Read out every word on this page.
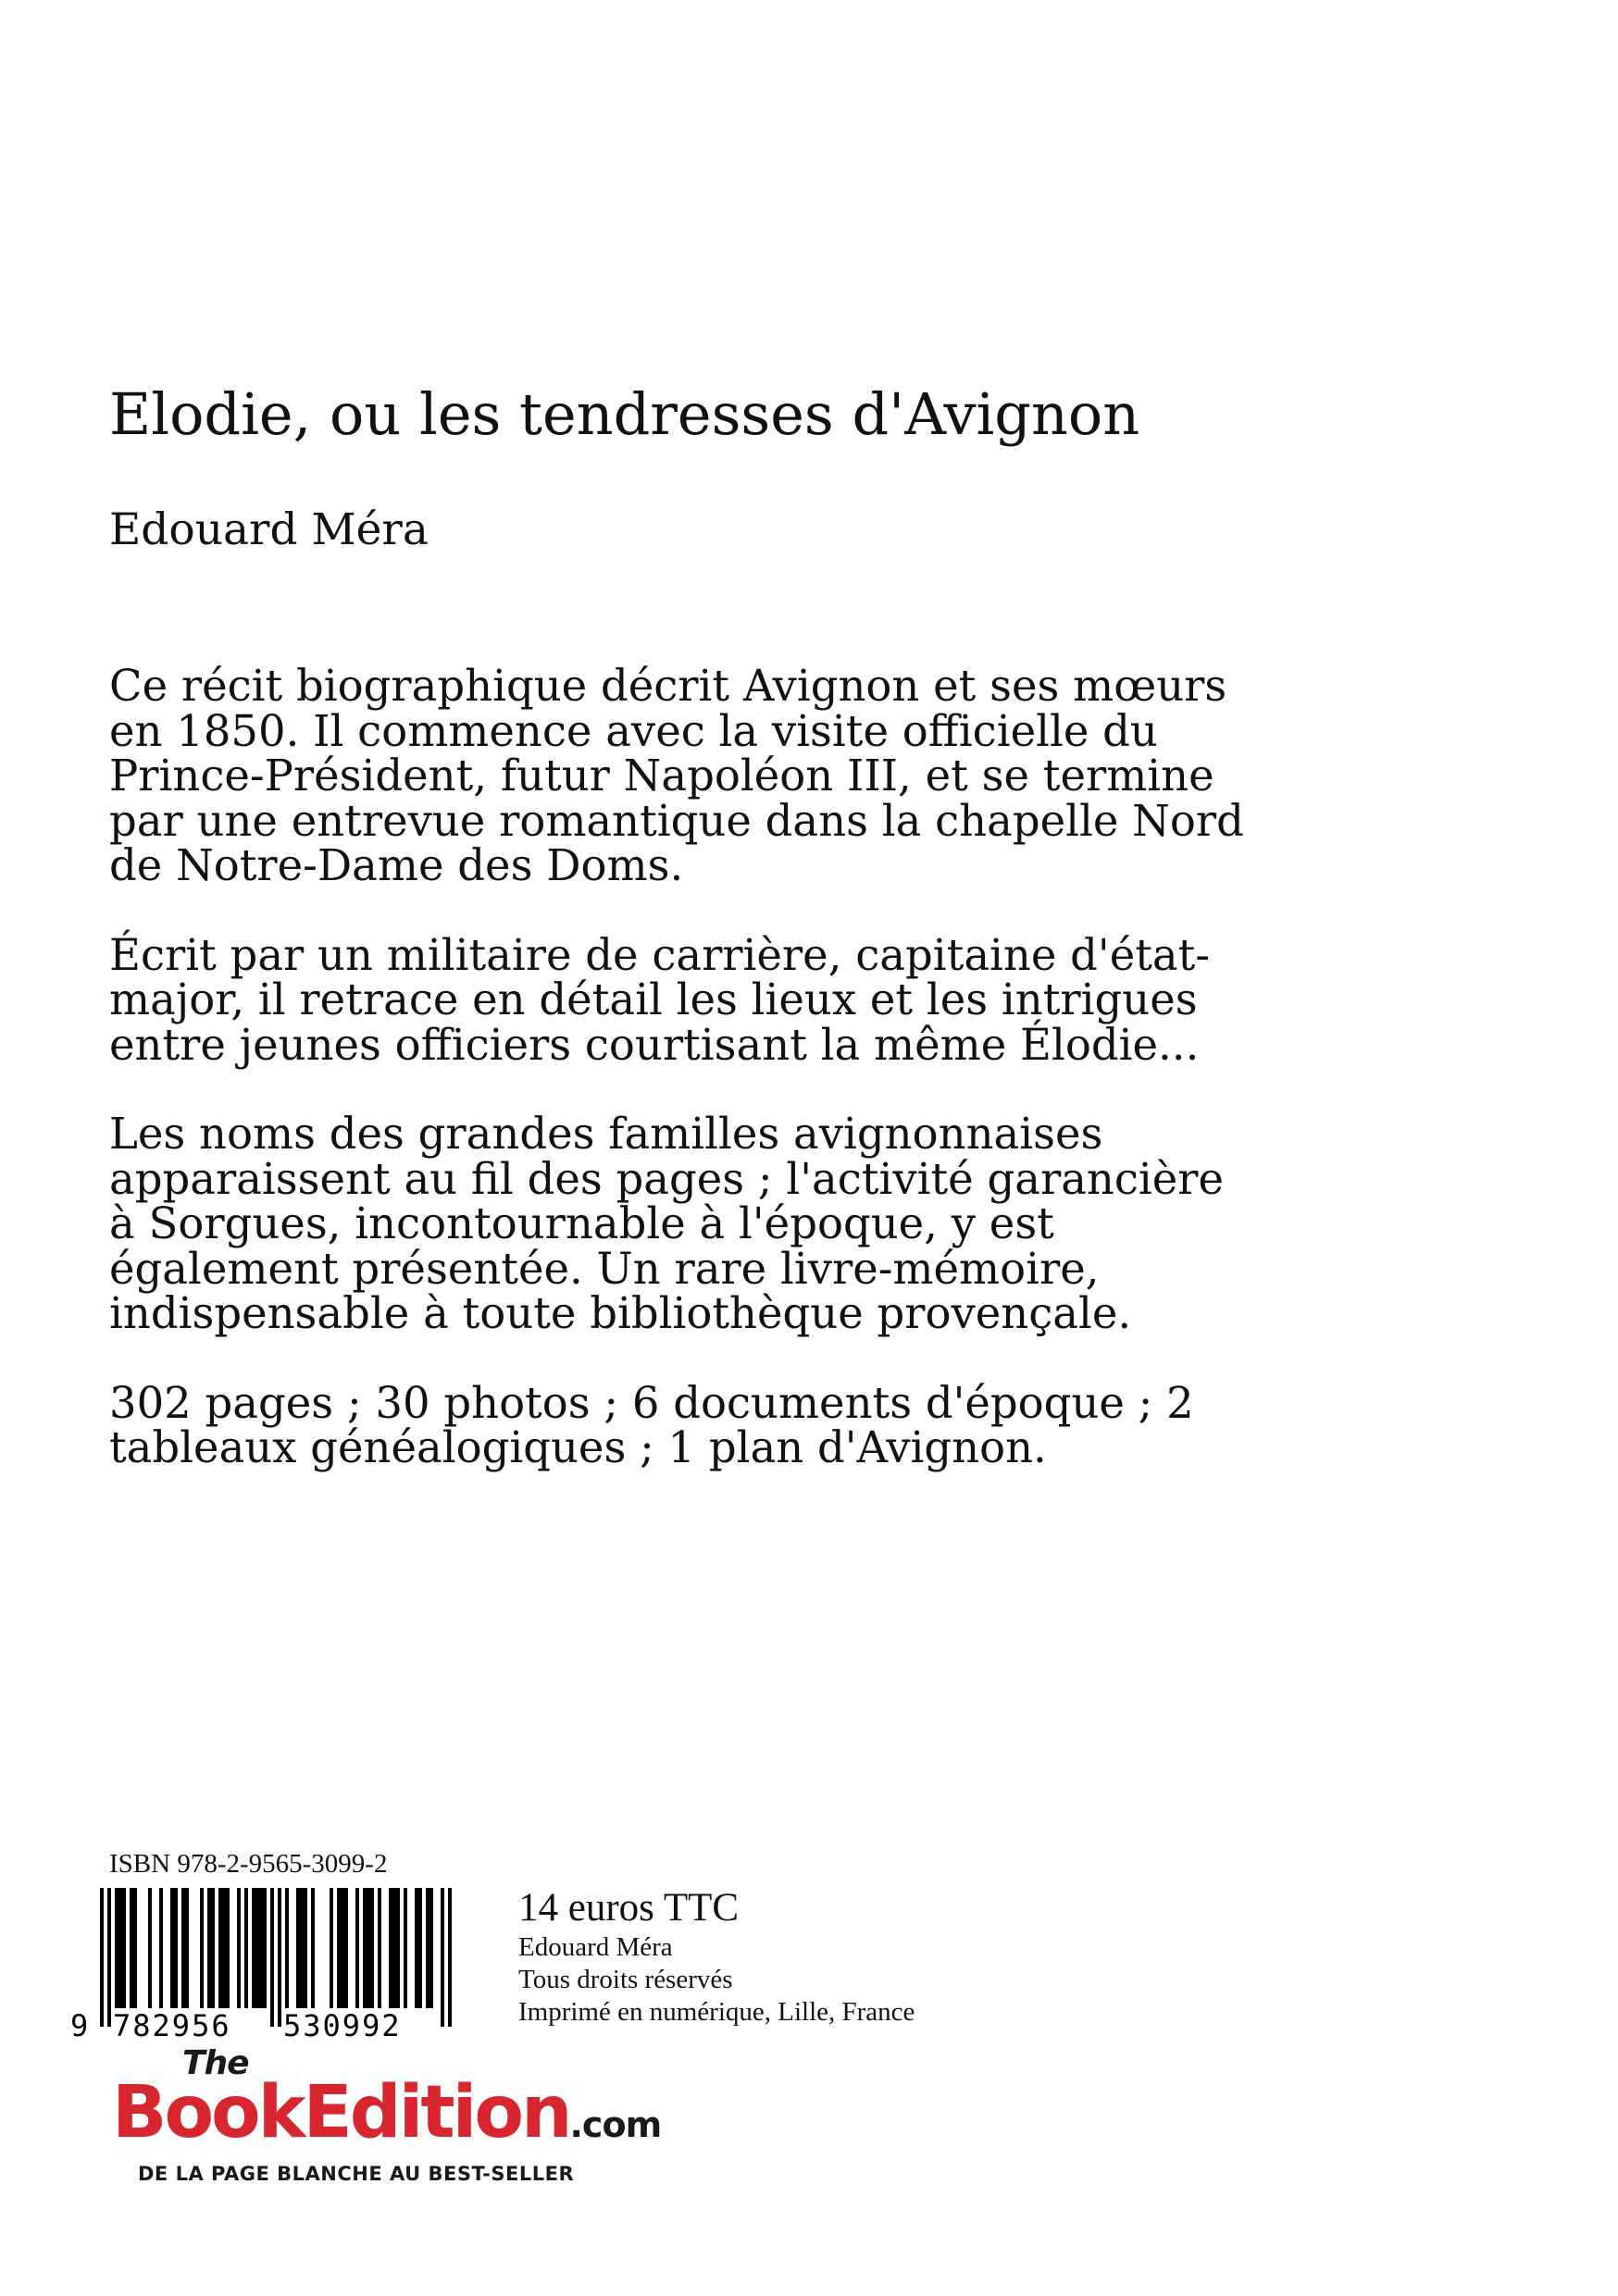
Elodie, ou les tendresses d'Avignon
Edouard Méra

Ce récit biographique décrit Avignon et ses mœurs en 1850. Il commence avec la visite officielle du Prince-Président, futur Napoléon III, et se termine par une entrevue romantique dans la chapelle Nord de Notre-Dame des Doms.

Écrit par un militaire de carrière, capitaine d'état-major, il retrace en détail les lieux et les intrigues entre jeunes officiers courtisant la même Élodie...

Les noms des grandes familles avignonnaises apparaissent au fil des pages ; l'activité garancière à Sorgues, incontournable à l'époque, y est également présentée. Un rare livre-mémoire, indispensable à toute bibliothèque provençale.

302 pages ; 30 photos ; 6 documents d'époque ; 2 tableaux généalogiques ; 1 plan d'Avignon.

ISBN 978-2-9565-3099-2
9 782956 530992

14 euros TTC

Edouard Méra

Tous droits réservés

Imprimé en numérique, Lille, France

The
BookEdition.com
DE LA PAGE BLANCHE AU BEST-SELLER
